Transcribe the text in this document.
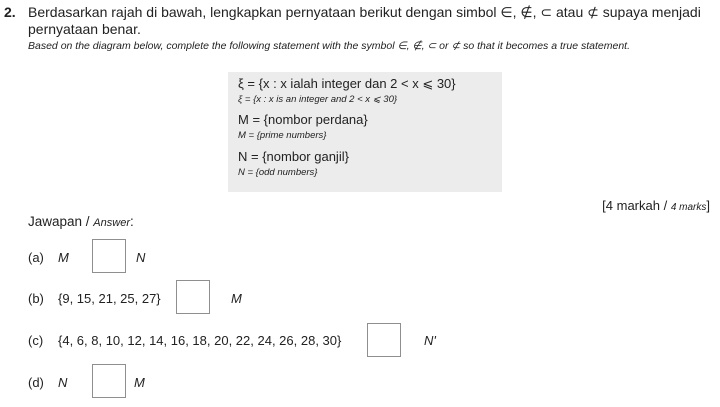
2. Berdasarkan rajah di bawah, lengkapkan pernyataan berikut dengan simbol ∈, ∉, ⊂ atau ⊄ supaya menjadi pernyataan benar.
Based on the diagram below, complete the following statement with the symbol ∈, ∉, ⊂ or ⊄ so that it becomes a true statement.
ξ = {x : x ialah integer dan 2 < x ⩽ 30}
ξ = {x : x is an integer and 2 < x ⩽ 30}
M = {nombor perdana}
M = {prime numbers}
N = {nombor ganjil}
N = {odd numbers}
[4 markah / 4 marks]
Jawapan / Answer:
(a) M	N
(b) {9, 15, 21, 25, 27}	M
(c) {4, 6, 8, 10, 12, 14, 16, 18, 20, 22, 24, 26, 28, 30}	N'
(d) N	M
